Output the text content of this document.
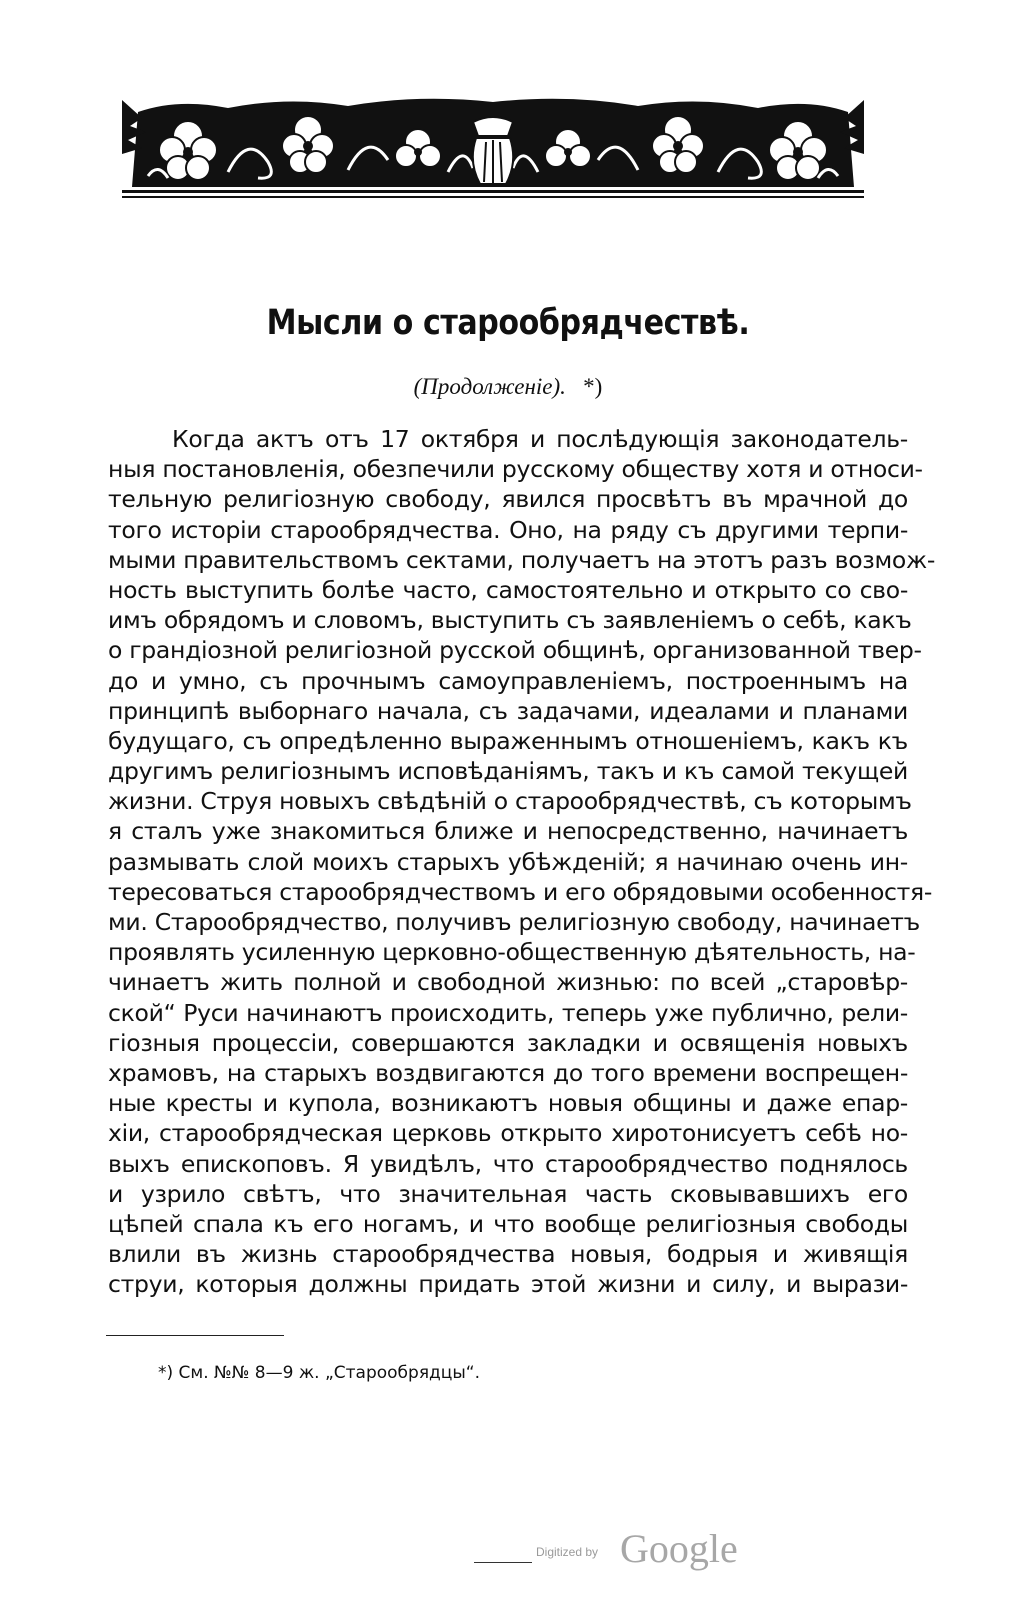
Мысли о старообрядчествѣ.
(Продолженіе). *)
Когда актъ отъ 17 октября и послѣдующія законодатель-
ныя постановленія, обезпечили русскому обществу хотя и относи-
тельную религіозную свободу, явился просвѣтъ въ мрачной до
того исторіи старообрядчества. Оно, на ряду съ другими терпи-
мыми правительствомъ сектами, получаетъ на этотъ разъ возмож-
ность выступить болѣе часто, самостоятельно и открыто со сво-
имъ обрядомъ и словомъ, выступить съ заявленіемъ о себѣ, какъ
о грандіозной религіозной русской общинѣ, организованной твер-
до и умно, съ прочнымъ самоуправленіемъ, построеннымъ на
принципѣ выборнаго начала, съ задачами, идеалами и планами
будущаго, съ опредѣленно выраженнымъ отношеніемъ, какъ къ
другимъ религіознымъ исповѣданіямъ, такъ и къ самой текущей
жизни. Струя новыхъ свѣдѣній о старообрядчествѣ, съ которымъ
я сталъ уже знакомиться ближе и непосредственно, начинаетъ
размывать слой моихъ старыхъ убѣжденій; я начинаю очень ин-
тересоваться старообрядчествомъ и его обрядовыми особенностя-
ми. Старообрядчество, получивъ религіозную свободу, начинаетъ
проявлять усиленную церковно-общественную дѣятельность, на-
чинаетъ жить полной и свободной жизнью: по всей „старовѣр-
ской“ Руси начинаютъ происходить, теперь уже публично, рели-
гіозныя процессіи, совершаются закладки и освященія новыхъ
храмовъ, на старыхъ воздвигаются до того времени воспрещен-
ные кресты и купола, возникаютъ новыя общины и даже епар-
хіи, старообрядческая церковь открыто хиротонисуетъ себѣ но-
выхъ епископовъ. Я увидѣлъ, что старообрядчество поднялось
и узрило свѣтъ, что значительная часть сковывавшихъ его
цѣпей спала къ его ногамъ, и что вообще религіозныя свободы
влили въ жизнь старообрядчества новыя, бодрыя и живящія
струи, которыя должны придать этой жизни и силу, и вырази-
*) См. №№ 8—9 ж. „Старообрядцы“.
Digitized by Google
